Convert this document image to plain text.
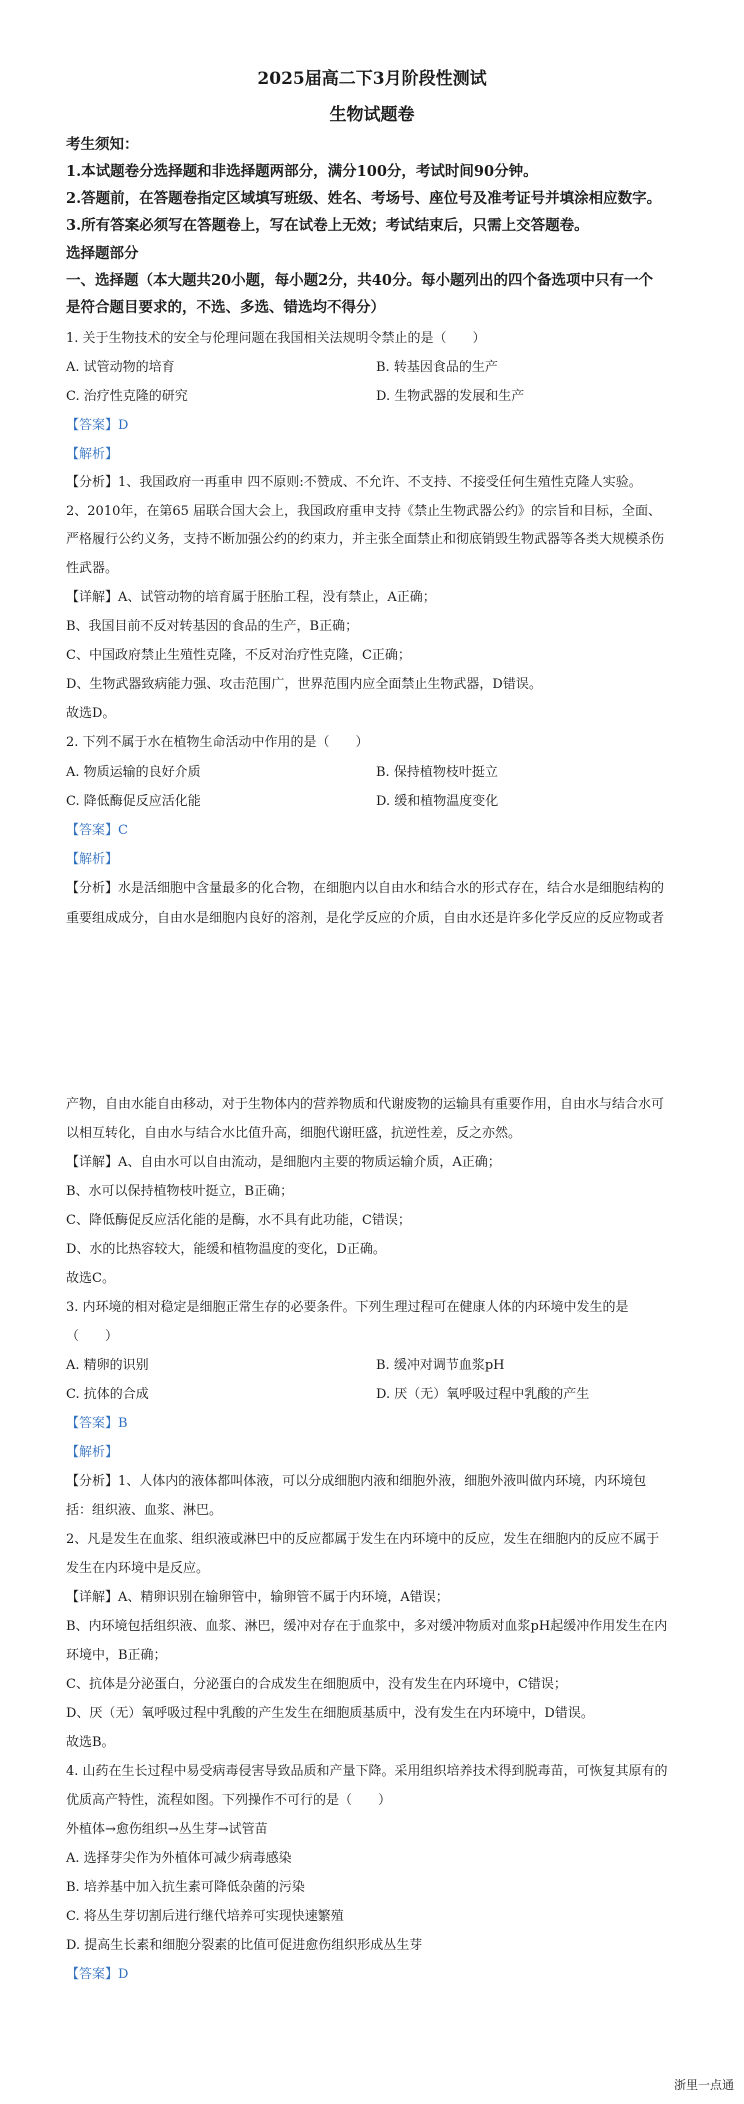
2025届高二下3月阶段性测试
生物试题卷
考生须知：
1.本试题卷分选择题和非选择题两部分，满分100分，考试时间90分钟。
2.答题前，在答题卷指定区域填写班级、姓名、考场号、座位号及准考证号并填涂相应数字。
3.所有答案必须写在答题卷上，写在试卷上无效；考试结束后，只需上交答题卷。
选择题部分
一、选择题（本大题共20小题，每小题2分，共40分。每小题列出的四个备选项中只有一个
是符合题目要求的，不选、多选、错选均不得分）
1. 关于生物技术的安全与伦理问题在我国相关法规明令禁止的是（　　）
A. 试管动物的培育	B. 转基因食品的生产
C. 治疗性克隆的研究	D. 生物武器的发展和生产
【答案】D
【解析】
【分析】1、我国政府一再重申 四不原则:不赞成、不允许、不支持、不接受任何生殖性克隆人实验。
2、2010年，在第65 届联合国大会上，我国政府重申支持《禁止生物武器公约》的宗旨和目标，全面、
严格履行公约义务，支持不断加强公约的约束力，并主张全面禁止和彻底销毁生物武器等各类大规模杀伤
性武器。
【详解】A、试管动物的培育属于胚胎工程，没有禁止，A正确；
B、我国目前不反对转基因的食品的生产，B正确；
C、中国政府禁止生殖性克隆，不反对治疗性克隆，C正确；
D、生物武器致病能力强、攻击范围广，世界范围内应全面禁止生物武器，D错误。
故选D。
2. 下列不属于水在植物生命活动中作用的是（　　）
A. 物质运输的良好介质	B. 保持植物枝叶挺立
C. 降低酶促反应活化能	D. 缓和植物温度变化
【答案】C
【解析】
【分析】水是活细胞中含量最多的化合物，在细胞内以自由水和结合水的形式存在，结合水是细胞结构的
重要组成成分，自由水是细胞内良好的溶剂，是化学反应的介质，自由水还是许多化学反应的反应物或者
产物，自由水能自由移动，对于生物体内的营养物质和代谢废物的运输具有重要作用，自由水与结合水可
以相互转化，自由水与结合水比值升高，细胞代谢旺盛，抗逆性差，反之亦然。
【详解】A、自由水可以自由流动，是细胞内主要的物质运输介质，A正确；
B、水可以保持植物枝叶挺立，B正确；
C、降低酶促反应活化能的是酶，水不具有此功能，C错误；
D、水的比热容较大，能缓和植物温度的变化，D正确。
故选C。
3. 内环境的相对稳定是细胞正常生存的必要条件。下列生理过程可在健康人体的内环境中发生的是
（　　）
A. 精卵的识别	B. 缓冲对调节血浆pH
C. 抗体的合成	D. 厌（无）氧呼吸过程中乳酸的产生
【答案】B
【解析】
【分析】1、人体内的液体都叫体液，可以分成细胞内液和细胞外液，细胞外液叫做内环境，内环境包
括：组织液、血浆、淋巴。
2、凡是发生在血浆、组织液或淋巴中的反应都属于发生在内环境中的反应，发生在细胞内的反应不属于
发生在内环境中是反应。
【详解】A、精卵识别在输卵管中，输卵管不属于内环境，A错误；
B、内环境包括组织液、血浆、淋巴，缓冲对存在于血浆中，多对缓冲物质对血浆pH起缓冲作用发生在内
环境中，B正确；
C、抗体是分泌蛋白，分泌蛋白的合成发生在细胞质中，没有发生在内环境中，C错误；
D、厌（无）氧呼吸过程中乳酸的产生发生在细胞质基质中，没有发生在内环境中，D错误。
故选B。
4. 山药在生长过程中易受病毒侵害导致品质和产量下降。采用组织培养技术得到脱毒苗，可恢复其原有的
优质高产特性，流程如图。下列操作不可行的是（　　）
外植体→愈伤组织→丛生芽→试管苗
A. 选择芽尖作为外植体可减少病毒感染
B. 培养基中加入抗生素可降低杂菌的污染
C. 将丛生芽切割后进行继代培养可实现快速繁殖
D. 提高生长素和细胞分裂素的比值可促进愈伤组织形成丛生芽
【答案】D
浙里一点通
